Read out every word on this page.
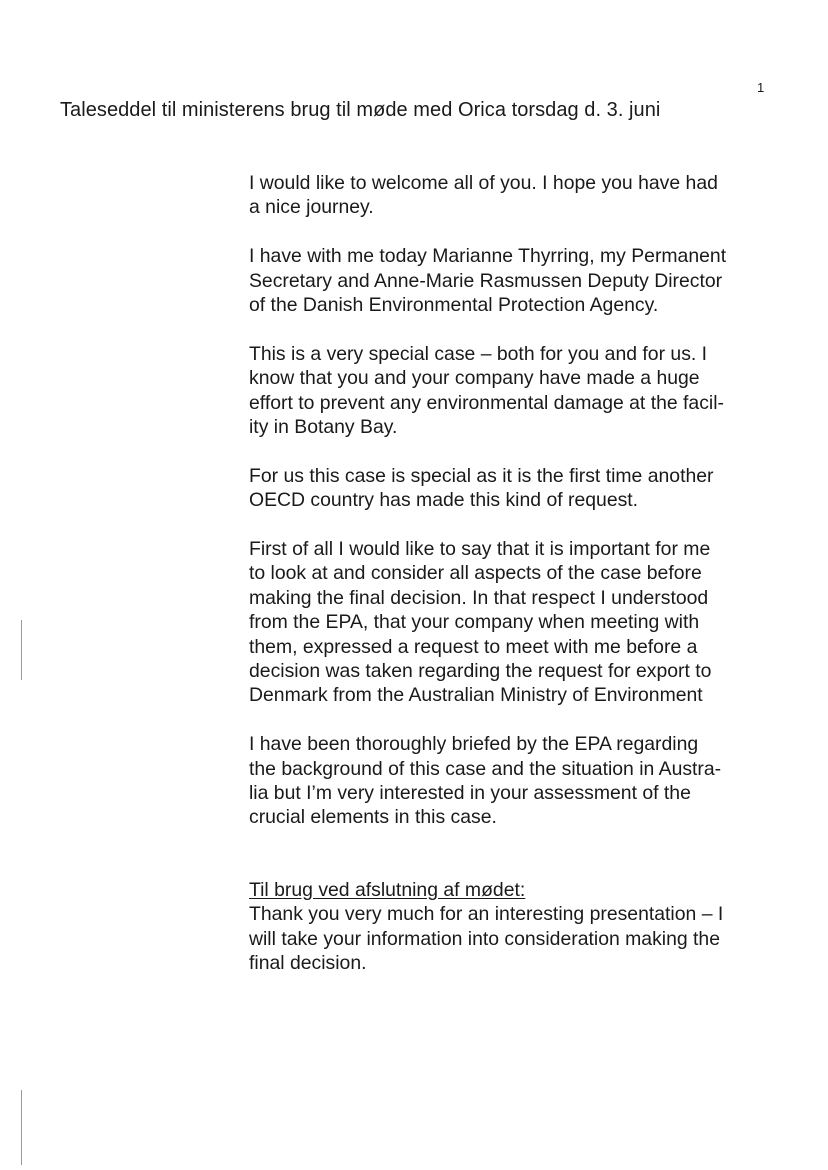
1
Taleseddel til ministerens brug til møde med Orica torsdag d. 3. juni
I would like to welcome all of you. I hope you have had
a nice journey.
I have with me today Marianne Thyrring, my Permanent
Secretary and Anne-Marie Rasmussen Deputy Director
of the Danish Environmental Protection Agency.
This is a very special case – both for you and for us. I
know that you and your company have made a huge
effort to prevent any environmental damage at the facil-
ity in Botany Bay.
For us this case is special as it is the first time another
OECD country has made this kind of request.
First of all I would like to say that it is important for me
to look at and consider all aspects of the case before
making the final decision. In that respect I understood
from the EPA, that your company when meeting with
them, expressed a request to meet with me before a
decision was taken regarding the request for export to
Denmark from the Australian Ministry of Environment
I have been thoroughly briefed by the EPA regarding
the background of this case and the situation in Austra-
lia but I’m very interested in your assessment of the
crucial elements in this case.
Til brug ved afslutning af mødet:
Thank you very much for an interesting presentation – I
will take your information into consideration making the
final decision.
